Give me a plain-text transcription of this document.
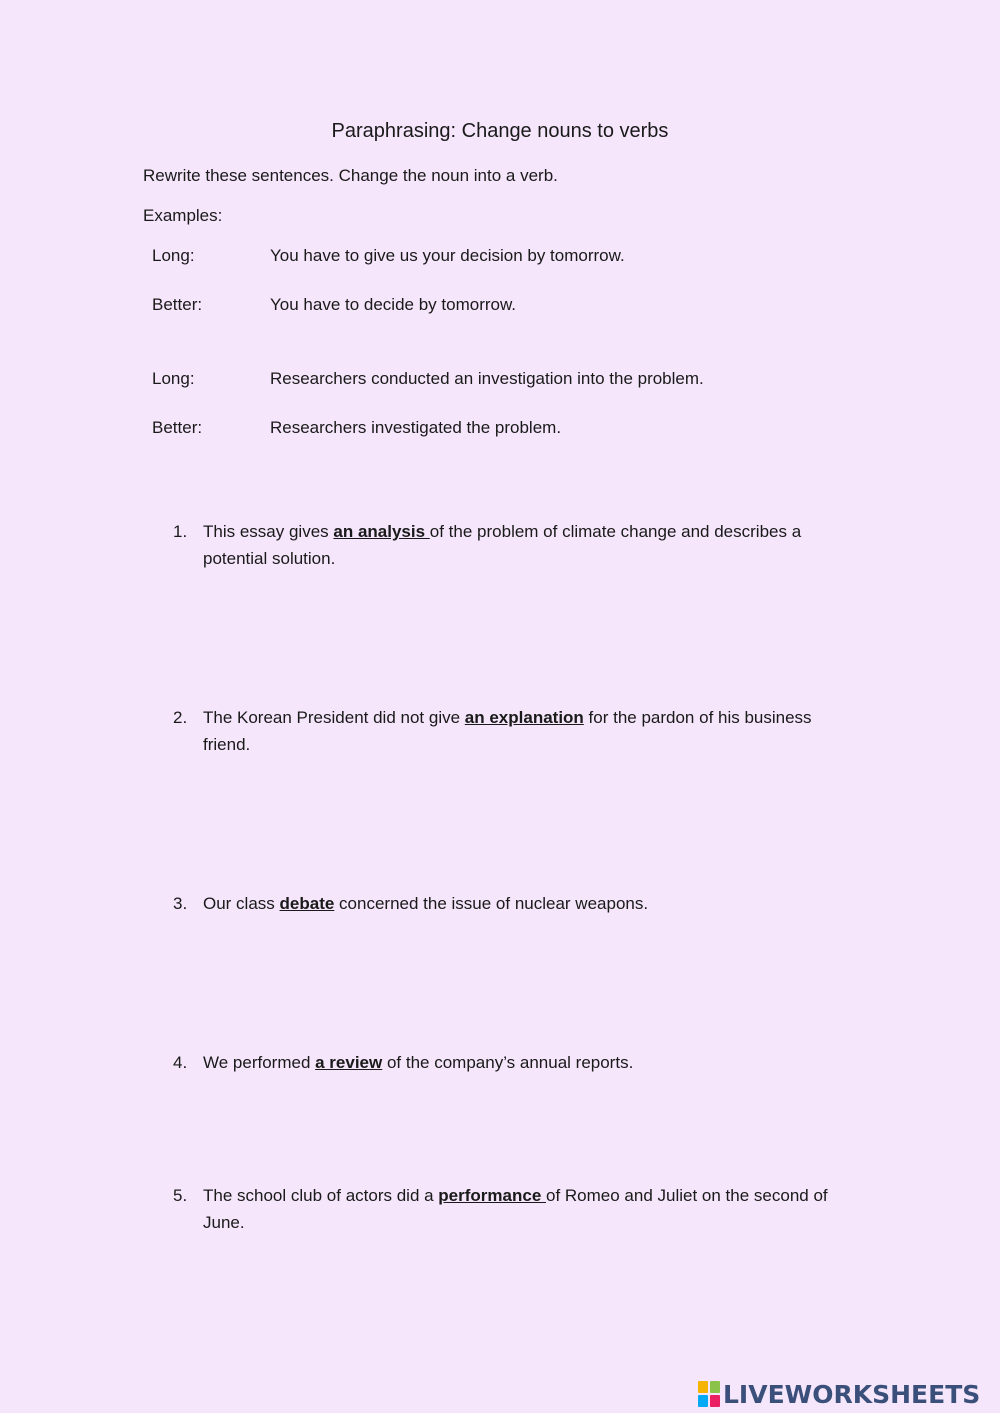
Paraphrasing: Change nouns to verbs
Rewrite these sentences. Change the noun into a verb.
Examples:
Long:	You have to give us your decision by tomorrow.
Better:	You have to decide by tomorrow.
Long:	Researchers conducted an investigation into the problem.
Better:	Researchers investigated the problem.
1. This essay gives an analysis of the problem of climate change and describes a potential solution.
2. The Korean President did not give an explanation for the pardon of his business friend.
3. Our class debate concerned the issue of nuclear weapons.
4. We performed a review of the company’s annual reports.
5. The school club of actors did a performance of Romeo and Juliet on the second of June.
LIVEWORKSHEETS
